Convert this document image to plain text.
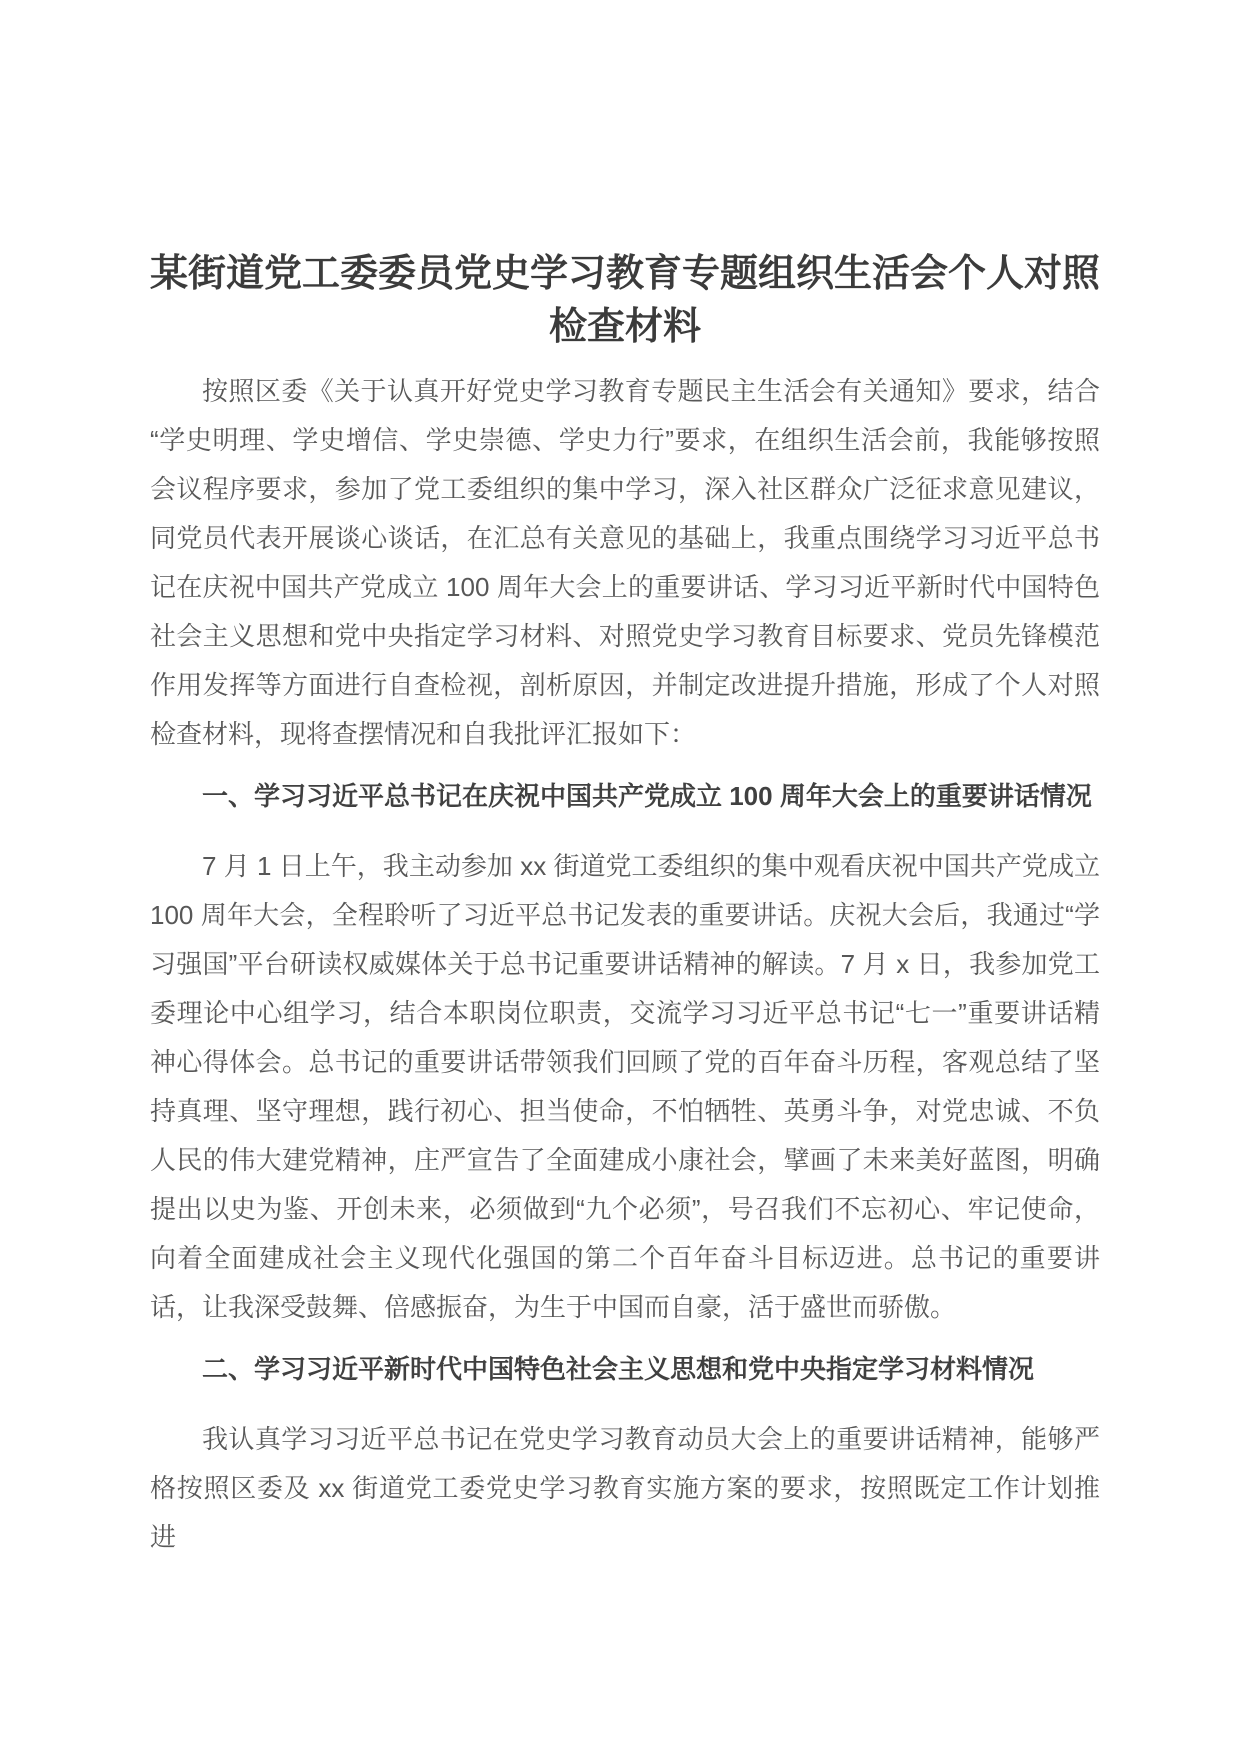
某街道党工委委员党史学习教育专题组织生活会个人对照检查材料

按照区委《关于认真开好党史学习教育专题民主生活会有关通知》要求，结合“学史明理、学史增信、学史崇德、学史力行”要求，在组织生活会前，我能够按照会议程序要求，参加了党工委组织的集中学习，深入社区群众广泛征求意见建议，同党员代表开展谈心谈话，在汇总有关意见的基础上，我重点围绕学习习近平总书记在庆祝中国共产党成立 100 周年大会上的重要讲话、学习习近平新时代中国特色社会主义思想和党中央指定学习材料、对照党史学习教育目标要求、党员先锋模范作用发挥等方面进行自查检视，剖析原因，并制定改进提升措施，形成了个人对照检查材料，现将查摆情况和自我批评汇报如下：

一、学习习近平总书记在庆祝中国共产党成立 100 周年大会上的重要讲话情况

7 月 1 日上午，我主动参加 xx 街道党工委组织的集中观看庆祝中国共产党成立 100 周年大会，全程聆听了习近平总书记发表的重要讲话。庆祝大会后，我通过“学习强国”平台研读权威媒体关于总书记重要讲话精神的解读。7 月 x 日，我参加党工委理论中心组学习，结合本职岗位职责，交流学习习近平总书记“七一”重要讲话精神心得体会。总书记的重要讲话带领我们回顾了党的百年奋斗历程，客观总结了坚持真理、坚守理想，践行初心、担当使命，不怕牺牲、英勇斗争，对党忠诚、不负人民的伟大建党精神，庄严宣告了全面建成小康社会，擘画了未来美好蓝图，明确提出以史为鉴、开创未来，必须做到“九个必须”，号召我们不忘初心、牢记使命，向着全面建成社会主义现代化强国的第二个百年奋斗目标迈进。总书记的重要讲话，让我深受鼓舞、倍感振奋，为生于中国而自豪，活于盛世而骄傲。

二、学习习近平新时代中国特色社会主义思想和党中央指定学习材料情况

我认真学习习近平总书记在党史学习教育动员大会上的重要讲话精神，能够严格按照区委及 xx 街道党工委党史学习教育实施方案的要求，按照既定工作计划推进
